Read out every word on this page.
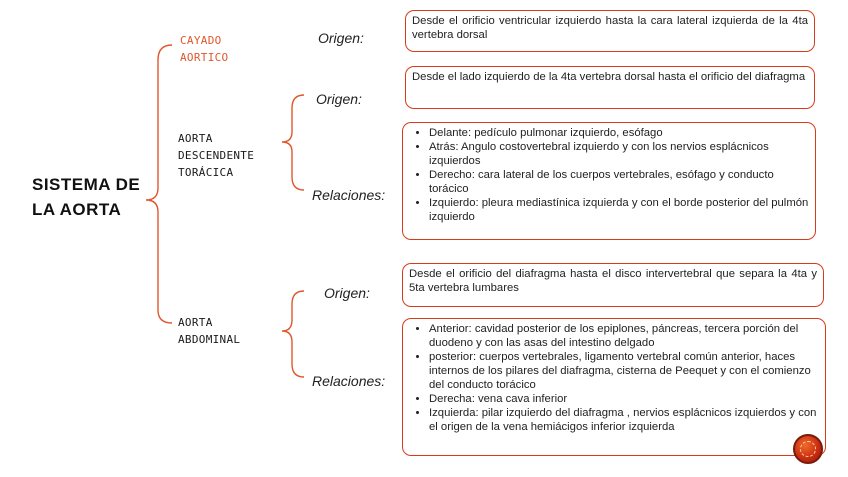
SISTEMA DE LA AORTA
CAYADO AORTICO
Origen:
Desde el orificio ventricular izquierdo hasta la cara lateral izquierda de la 4ta vertebra dorsal
AORTA DESCENDENTE TORÁCICA
Origen:
Desde el lado izquierdo de la 4ta vertebra dorsal hasta el orificio del diafragma
Relaciones:
• Delante: pedículo pulmonar izquierdo, esófago
• Atrás: Angulo costovertebral izquierdo y con los nervios esplácnicos izquierdos
• Derecho: cara lateral de los cuerpos vertebrales, esófago y conducto torácico
• Izquierdo: pleura mediastínica izquierda y con el borde posterior del pulmón izquierdo
AORTA ABDOMINAL
Origen:
Desde el orificio del diafragma hasta el disco intervertebral que separa la 4ta y 5ta vertebra lumbares
Relaciones:
• Anterior: cavidad posterior de los epiplones, páncreas, tercera porción del duodeno y con las asas del intestino delgado
• posterior: cuerpos vertebrales, ligamento vertebral común anterior, haces internos de los pilares del diafragma, cisterna de Peequet y con el comienzo del conducto torácico
• Derecha: vena cava inferior
• Izquierda: pilar izquierdo del diafragma , nervios esplácnicos izquierdos y con el origen de la vena hemiácigos inferior izquierda
